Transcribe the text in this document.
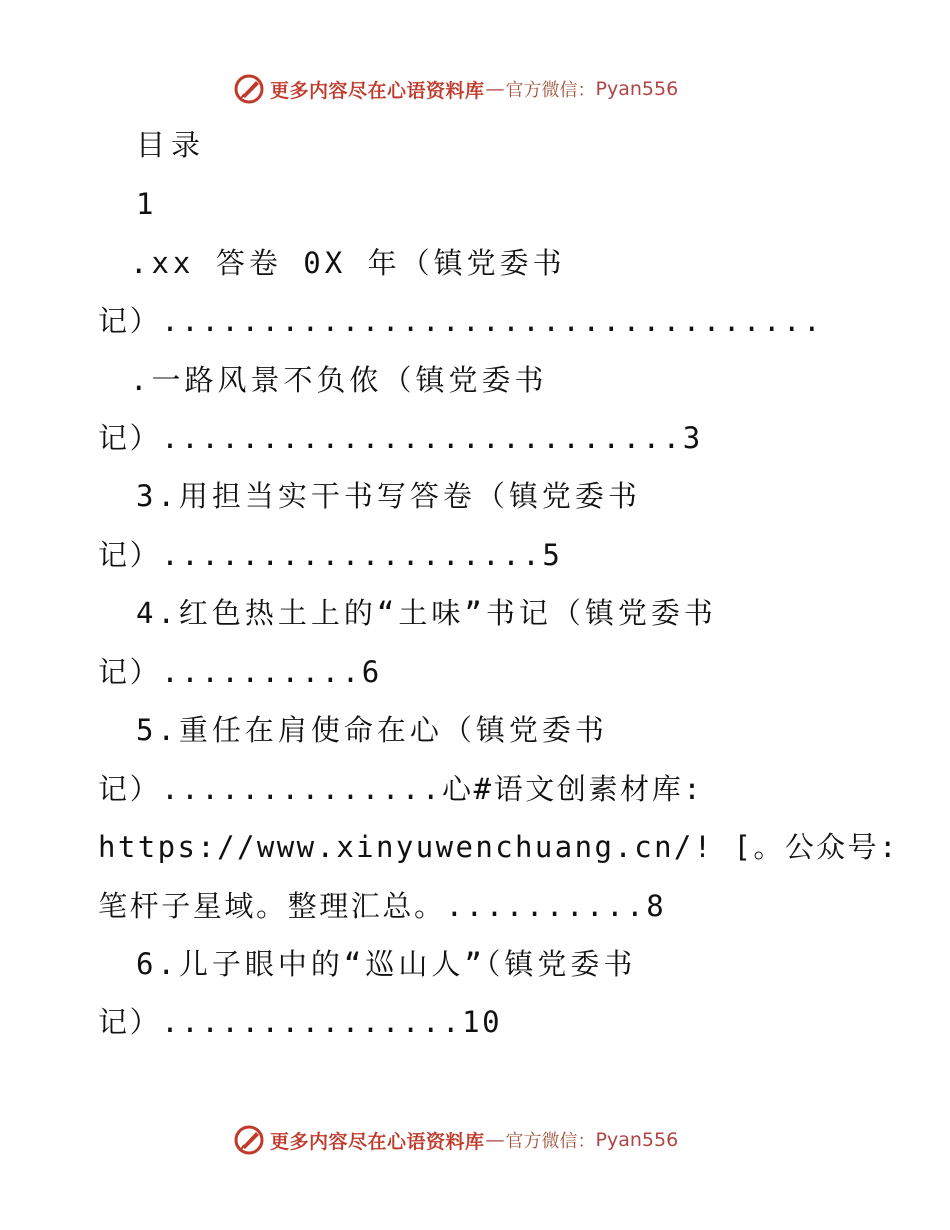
更多内容尽在心语资料库 — 官方微信： Pyan556
目录
1
.xx 答卷 0X 年（镇党委书
记）.................................
.一路风景不负侬（镇党委书
记）..........................3
3.用担当实干书写答卷（镇党委书
记）...................5
4.红色热土上的“土味”书记（镇党委书
记）..........6
5.重任在肩使命在心（镇党委书
记）..............心#语文创素材库:
https://www.xinyuwenchuang.cn/! [。公众号:
笔杆子星域。整理汇总。..........8
6.儿子眼中的“巡山人”（镇党委书
记）...............10
更多内容尽在心语资料库 — 官方微信： Pyan556
